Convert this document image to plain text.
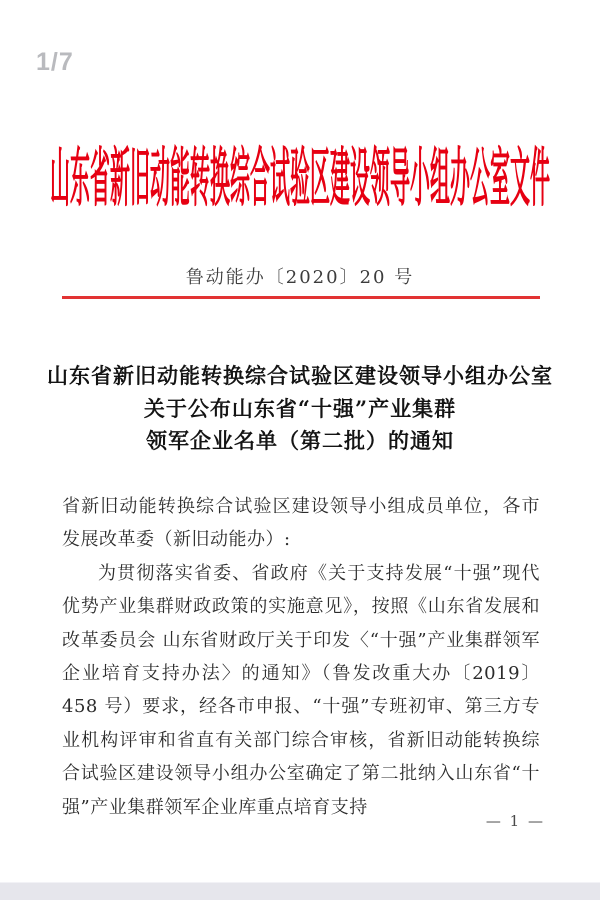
1/7
山东省新旧动能转换综合试验区建设领导小组办公室文件
鲁动能办〔2020〕20 号
山东省新旧动能转换综合试验区建设领导小组办公室
关于公布山东省“十强”产业集群
领军企业名单（第二批）的通知

省新旧动能转换综合试验区建设领导小组成员单位，各市发展改革委（新旧动能办）:

为贯彻落实省委、省政府《关于支持发展“十强”现代优势产业集群财政政策的实施意见》，按照《山东省发展和改革委员会 山东省财政厅关于印发〈“十强”产业集群领军企业培育支持办法〉的通知》（鲁发改重大办〔2019〕458 号）要求，经各市申报、“十强”专班初审、第三方专业机构评审和省直有关部门综合审核，省新旧动能转换综合试验区建设领导小组办公室确定了第二批纳入山东省“十强”产业集群领军企业库重点培育支持

— 1 —
